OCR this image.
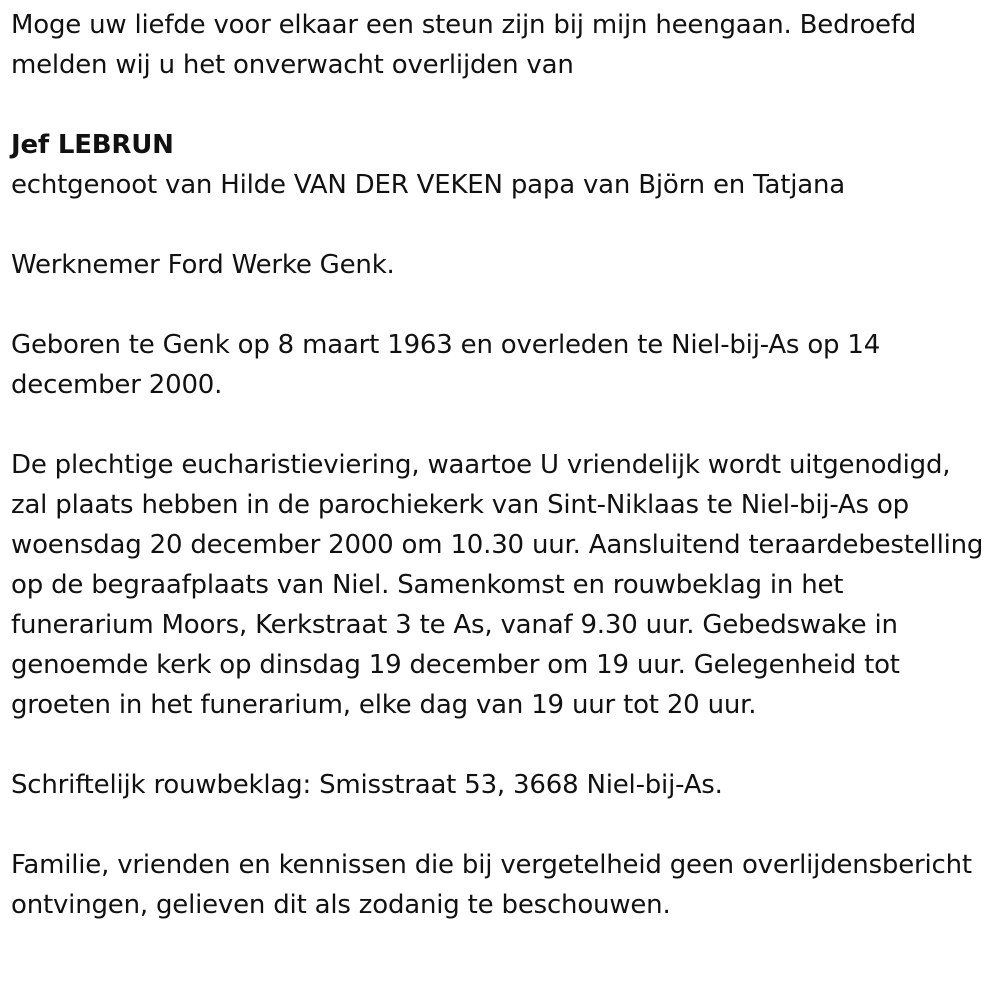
Moge uw liefde voor elkaar een steun zijn bij mijn heengaan. Bedroefd melden wij u het onverwacht overlijden van

Jef LEBRUN

echtgenoot van Hilde VAN DER VEKEN papa van Björn en Tatjana

Werknemer Ford Werke Genk.

Geboren te Genk op 8 maart 1963 en overleden te Niel-bij-As op 14 december 2000.

De plechtige eucharistieviering, waartoe U vriendelijk wordt uitgenodigd, zal plaats hebben in de parochiekerk van Sint-Niklaas te Niel-bij-As op woensdag 20 december 2000 om 10.30 uur. Aansluitend teraardebestelling op de begraafplaats van Niel. Samenkomst en rouwbeklag in het funerarium Moors, Kerkstraat 3 te As, vanaf 9.30 uur. Gebedswake in genoemde kerk op dinsdag 19 december om 19 uur. Gelegenheid tot groeten in het funerarium, elke dag van 19 uur tot 20 uur.

Schriftelijk rouwbeklag: Smisstraat 53, 3668 Niel-bij-As.

Familie, vrienden en kennissen die bij vergetelheid geen overlijdensbericht ontvingen, gelieven dit als zodanig te beschouwen.
